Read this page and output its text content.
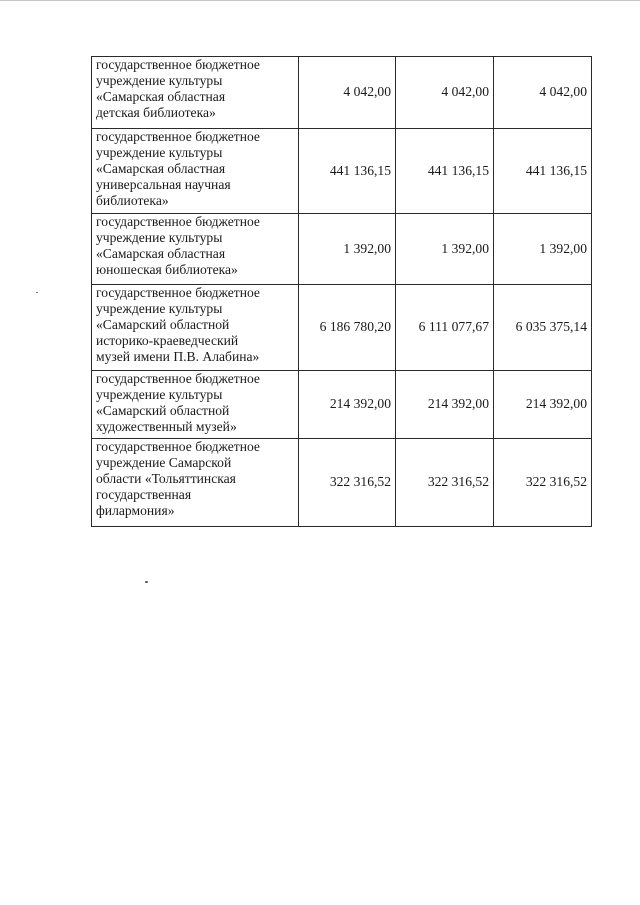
государственное бюджетное
учреждение культуры
«Самарская областная
детская библиотека»	4 042,00	4 042,00	4 042,00

государственное бюджетное
учреждение культуры
«Самарская областная
универсальная научная
библиотека»	441 136,15	441 136,15	441 136,15

государственное бюджетное
учреждение культуры
«Самарская областная
юношеская библиотека»	1 392,00	1 392,00	1 392,00

государственное бюджетное
учреждение культуры
«Самарский областной
историко-краеведческий
музей имени П.В. Алабина»	6 186 780,20	6 111 077,67	6 035 375,14

государственное бюджетное
учреждение культуры
«Самарский областной
художественный музей»	214 392,00	214 392,00	214 392,00

государственное бюджетное
учреждение Самарской
области «Тольяттинская
государственная
филармония»	322 316,52	322 316,52	322 316,52
